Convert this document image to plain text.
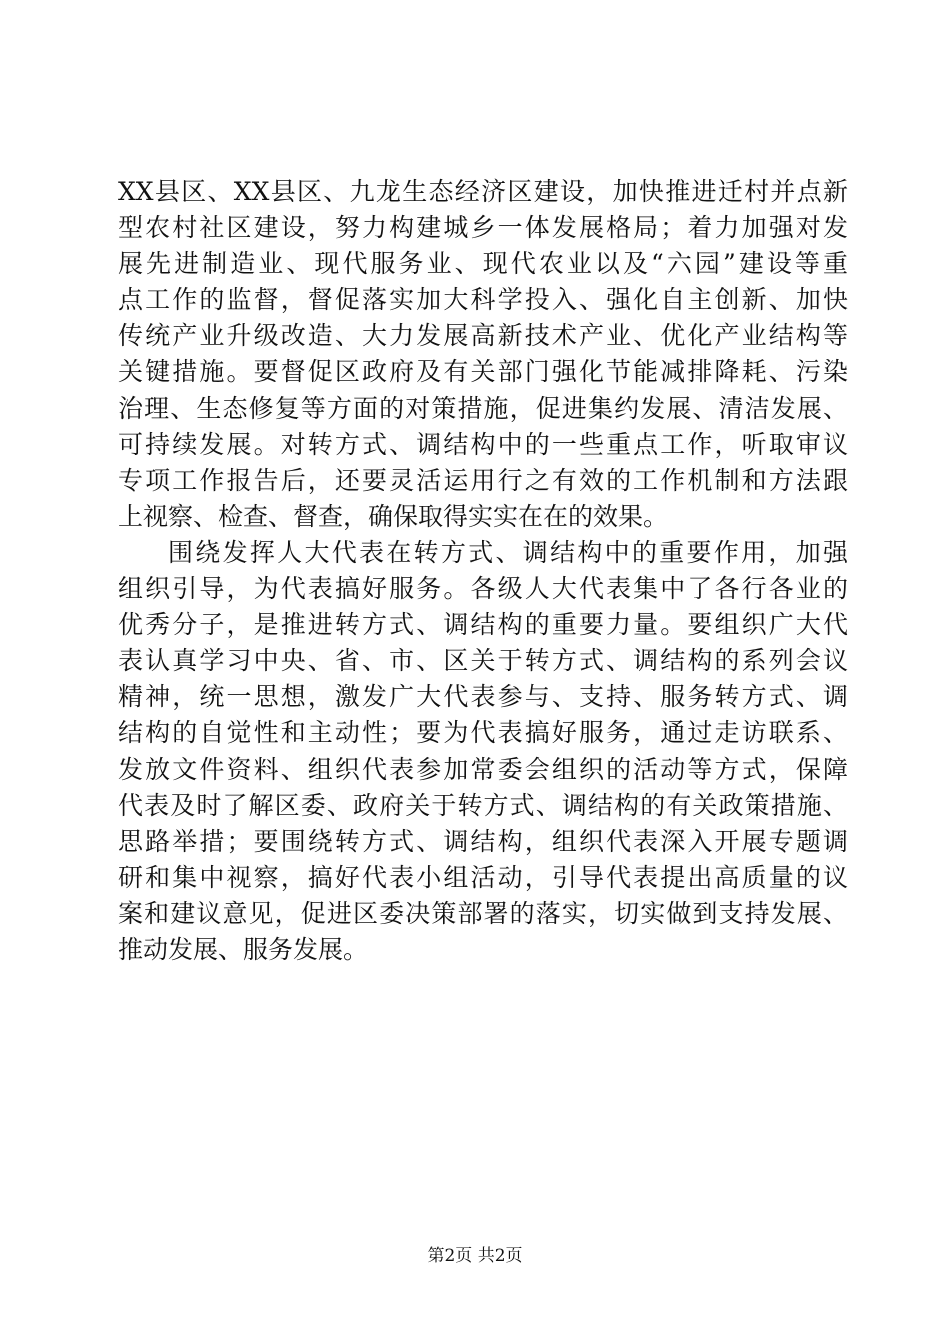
XX县区、XX县区、九龙生态经济区建设，加快推进迁村并点新
型农村社区建设，努力构建城乡一体发展格局；着力加强对发
展先进制造业、现代服务业、现代农业以及“六园”建设等重
点工作的监督，督促落实加大科学投入、强化自主创新、加快
传统产业升级改造、大力发展高新技术产业、优化产业结构等
关键措施。要督促区政府及有关部门强化节能减排降耗、污染
治理、生态修复等方面的对策措施，促进集约发展、清洁发展、
可持续发展。对转方式、调结构中的一些重点工作，听取审议
专项工作报告后，还要灵活运用行之有效的工作机制和方法跟
上视察、检查、督查，确保取得实实在在的效果。
围绕发挥人大代表在转方式、调结构中的重要作用，加强
组织引导，为代表搞好服务。各级人大代表集中了各行各业的
优秀分子，是推进转方式、调结构的重要力量。要组织广大代
表认真学习中央、省、市、区关于转方式、调结构的系列会议
精神，统一思想，激发广大代表参与、支持、服务转方式、调
结构的自觉性和主动性；要为代表搞好服务，通过走访联系、
发放文件资料、组织代表参加常委会组织的活动等方式，保障
代表及时了解区委、政府关于转方式、调结构的有关政策措施、
思路举措；要围绕转方式、调结构，组织代表深入开展专题调
研和集中视察，搞好代表小组活动，引导代表提出高质量的议
案和建议意见，促进区委决策部署的落实，切实做到支持发展、
推动发展、服务发展。
第2页 共2页
